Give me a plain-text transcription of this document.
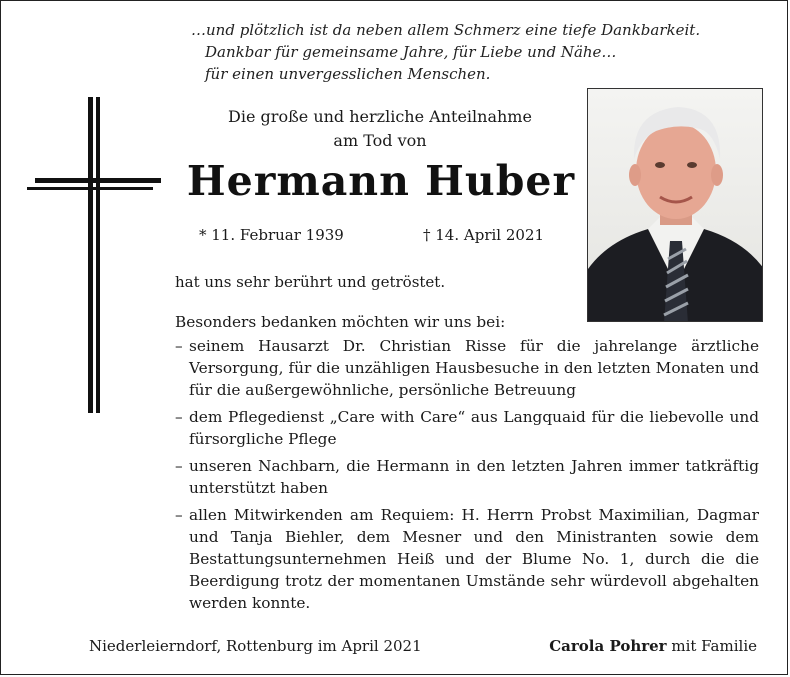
…und plötzlich ist da neben allem Schmerz eine tiefe Dankbarkeit.
Dankbar für gemeinsame Jahre, für Liebe und Nähe…
für einen unvergesslichen Menschen.
Die große und herzliche Anteilnahme
am Tod von
Hermann Huber
* 11. Februar 1939	† 14. April 2021
hat uns sehr berührt und getröstet.
Besonders bedanken möchten wir uns bei:
– seinem Hausarzt Dr. Christian Risse für die jahrelange ärztliche Versorgung, für die unzähligen Hausbesuche in den letzten Monaten und für die außergewöhnliche, persönliche Betreuung
– dem Pflegedienst „Care with Care“ aus Langquaid für die liebevolle und fürsorgliche Pflege
– unseren Nachbarn, die Hermann in den letzten Jahren immer tatkräftig unterstützt haben
– allen Mitwirkenden am Requiem: H. Herrn Probst Maximilian, Dagmar und Tanja Biehler, dem Mesner und den Ministranten sowie dem Bestattungsunternehmen Heiß und der Blume No. 1, durch die die Beerdigung trotz der momentanen Umstände sehr würdevoll abgehalten werden konnte.
Niederleierndorf, Rottenburg im April 2021	Carola Pohrer mit Familie
